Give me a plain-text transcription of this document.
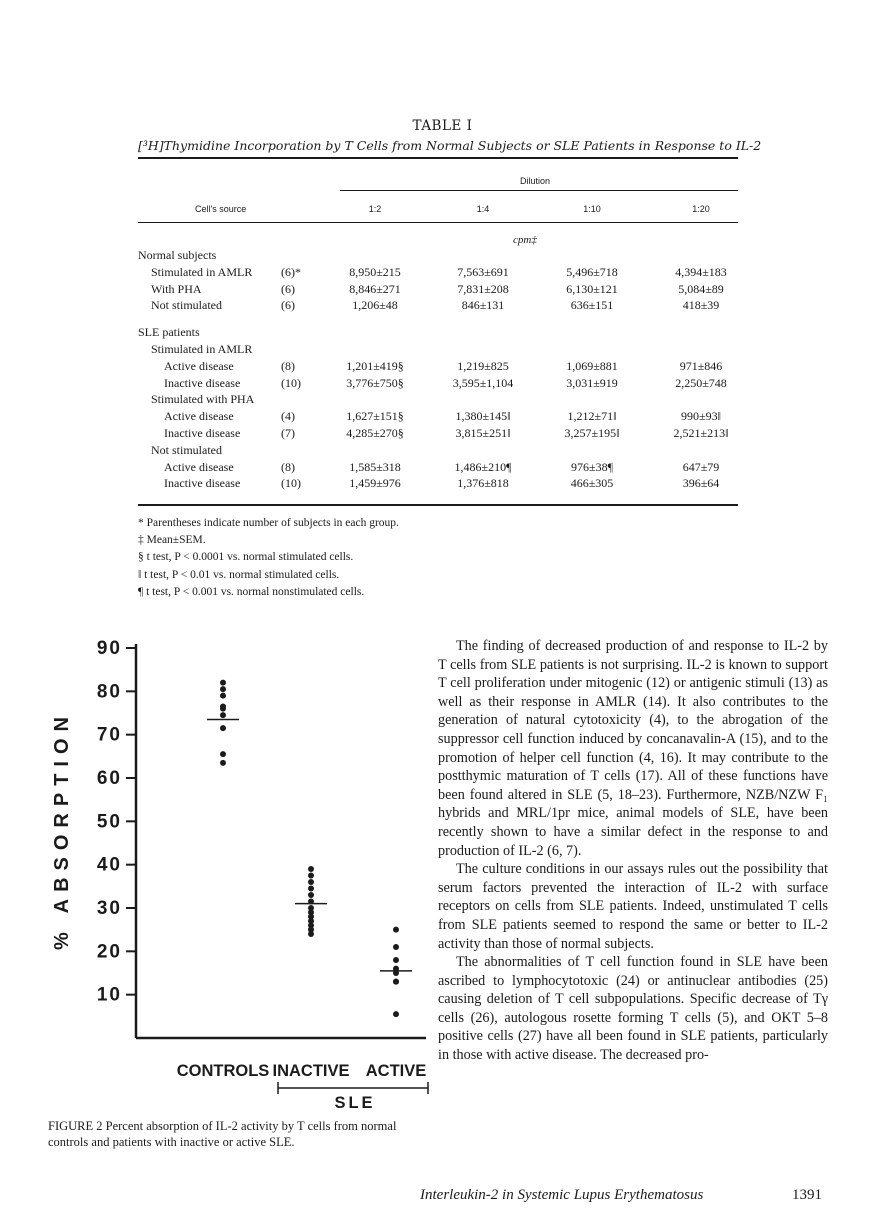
TABLE I
[³H]Thymidine Incorporation by T Cells from Normal Subjects or SLE Patients in Response to IL-2
Dilution
Cell's source	1:2	1:4	1:10	1:20
cpm‡
Normal subjects
Stimulated in AMLR (6)*	8,950±215	7,563±691	5,496±718	4,394±183
With PHA	(6)	8,846±271	7,831±208	6,130±121	5,084±89
Not stimulated	(6)	1,206±48	846±131	636±151	418±39
SLE patients
Stimulated in AMLR
Active disease	(8)	1,201±419§	1,219±825	1,069±881	971±846
Inactive disease	(10)	3,776±750§	3,595±1,104	3,031±919	2,250±748
Stimulated with PHA
Active disease	(4)	1,627±151§	1,380±145‖	1,212±71‖	990±93‖
Inactive disease	(7)	4,285±270§	3,815±251‖	3,257±195‖	2,521±213‖
Not stimulated
Active disease	(8)	1,585±318	1,486±210¶	976±38¶	647±79
Inactive disease	(10)	1,459±976	1,376±818	466±305	396±64
* Parentheses indicate number of subjects in each group.
‡ Mean±SEM.
§ t test, P < 0.0001 vs. normal stimulated cells.
‖ t test, P < 0.01 vs. normal stimulated cells.
¶ t test, P < 0.001 vs. normal nonstimulated cells.
90
80
70
60
50
40
30
20
10
% ABSORPTION
CONTROLS INACTIVE ACTIVE
SLE
FIGURE 2 Percent absorption of IL-2 activity by T cells from normal controls and patients with inactive or active SLE.

The finding of decreased production of and response to IL-2 by T cells from SLE patients is not surprising. IL-2 is known to support T cell proliferation under mitogenic (12) or antigenic stimuli (13) as well as their response in AMLR (14). It also contributes to the generation of natural cytotoxicity (4), to the abrogation of the suppressor cell function induced by concanavalin-A (15), and to the promotion of helper cell function (4, 16). It may contribute to the postthymic maturation of T cells (17). All of these functions have been found altered in SLE (5, 18–23). Furthermore, NZB/NZW F₁ hybrids and MRL/1pr mice, animal models of SLE, have been recently shown to have a similar defect in the response to and production of IL-2 (6, 7).

The culture conditions in our assays rules out the possibility that serum factors prevented the interaction of IL-2 with surface receptors on cells from SLE patients. Indeed, unstimulated T cells from SLE patients seemed to respond the same or better to IL-2 activity than those of normal subjects.

The abnormalities of T cell function found in SLE have been ascribed to lymphocytotoxic (24) or antinuclear antibodies (25) causing deletion of T cell subpopulations. Specific decrease of Tγ cells (26), autologous rosette forming T cells (5), and OKT 5–8 positive cells (27) have all been found in SLE patients, particularly in those with active disease. The decreased pro-

Interleukin-2 in Systemic Lupus Erythematosus	1391
